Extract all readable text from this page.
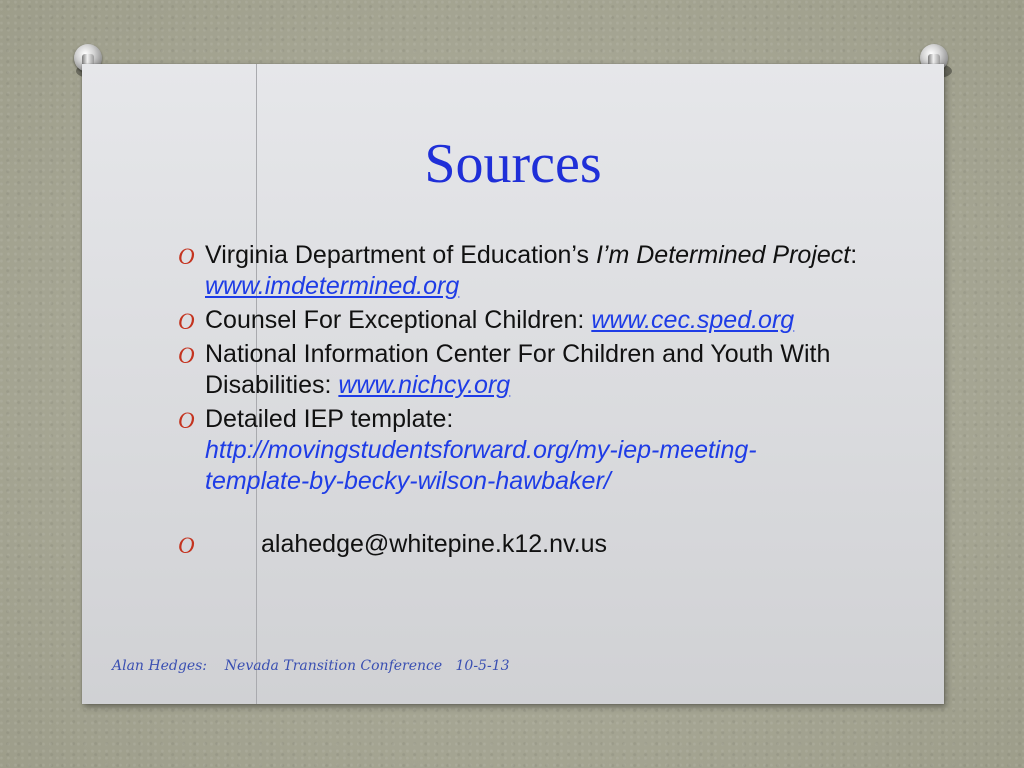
Sources
O Virginia Department of Education’s I’m Determined Project: www.imdetermined.org
O Counsel For Exceptional Children: www.cec.sped.org
O National Information Center For Children and Youth With Disabilities: www.nichcy.org
O Detailed IEP template: http://movingstudentsforward.org/my-iep-meeting-template-by-becky-wilson-hawbaker/
O	alahedge@whitepine.k12.nv.us
Alan Hedges:    Nevada Transition Conference   10-5-13
